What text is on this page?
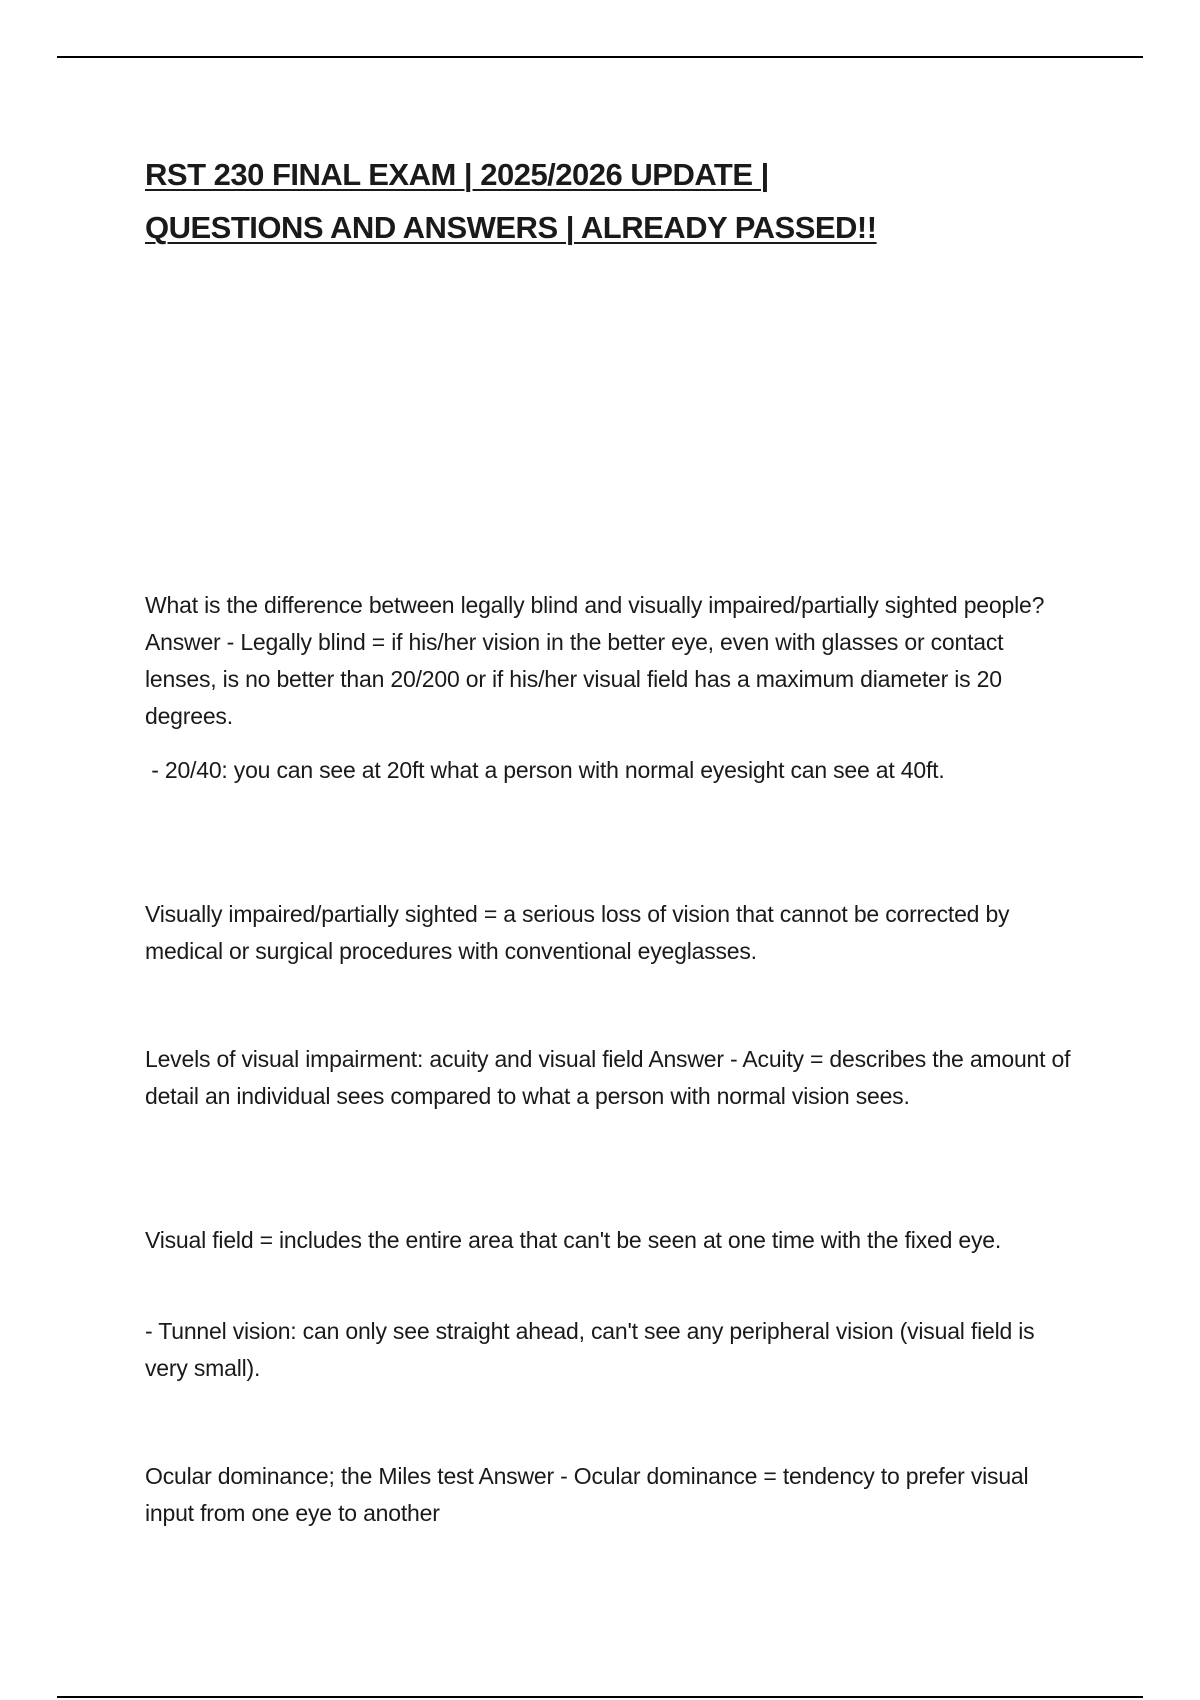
RST 230 FINAL EXAM | 2025/2026 UPDATE |
QUESTIONS AND ANSWERS | ALREADY PASSED!!

What is the difference between legally blind and visually impaired/partially sighted people? Answer - Legally blind = if his/her vision in the better eye, even with glasses or contact lenses, is no better than 20/200 or if his/her visual field has a maximum diameter is 20 degrees.

- 20/40: you can see at 20ft what a person with normal eyesight can see at 40ft.

Visually impaired/partially sighted = a serious loss of vision that cannot be corrected by medical or surgical procedures with conventional eyeglasses.

Levels of visual impairment: acuity and visual field Answer - Acuity = describes the amount of detail an individual sees compared to what a person with normal vision sees.

Visual field = includes the entire area that can't be seen at one time with the fixed eye.

- Tunnel vision: can only see straight ahead, can't see any peripheral vision (visual field is very small).

Ocular dominance; the Miles test Answer - Ocular dominance = tendency to prefer visual input from one eye to another
